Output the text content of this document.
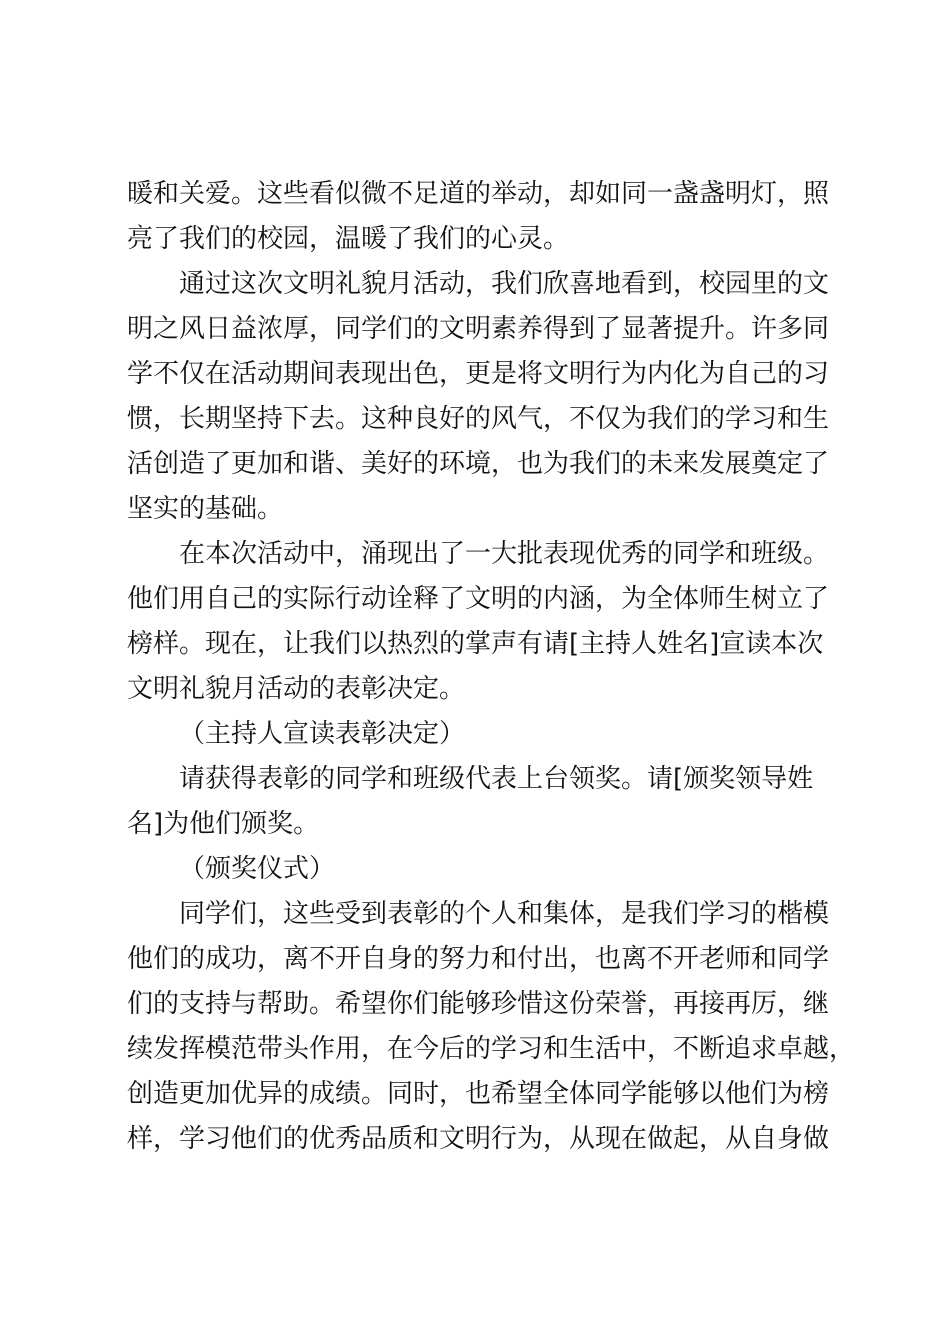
暖和关爱。这些看似微不足道的举动，却如同一盏盏明灯，照
亮了我们的校园，温暖了我们的心灵。
通过这次文明礼貌月活动，我们欣喜地看到，校园里的文
明之风日益浓厚，同学们的文明素养得到了显著提升。许多同
学不仅在活动期间表现出色，更是将文明行为内化为自己的习
惯，长期坚持下去。这种良好的风气，不仅为我们的学习和生
活创造了更加和谐、美好的环境，也为我们的未来发展奠定了
坚实的基础。
在本次活动中，涌现出了一大批表现优秀的同学和班级。
他们用自己的实际行动诠释了文明的内涵，为全体师生树立了
榜样。现在，让我们以热烈的掌声有请[主持人姓名]宣读本次
文明礼貌月活动的表彰决定。
（主持人宣读表彰决定）
请获得表彰的同学和班级代表上台领奖。请[颁奖领导姓
名]为他们颁奖。
（颁奖仪式）
同学们，这些受到表彰的个人和集体，是我们学习的楷模
他们的成功，离不开自身的努力和付出，也离不开老师和同学
们的支持与帮助。希望你们能够珍惜这份荣誉，再接再厉，继
续发挥模范带头作用，在今后的学习和生活中，不断追求卓越，
创造更加优异的成绩。同时，也希望全体同学能够以他们为榜
样，学习他们的优秀品质和文明行为，从现在做起，从自身做
